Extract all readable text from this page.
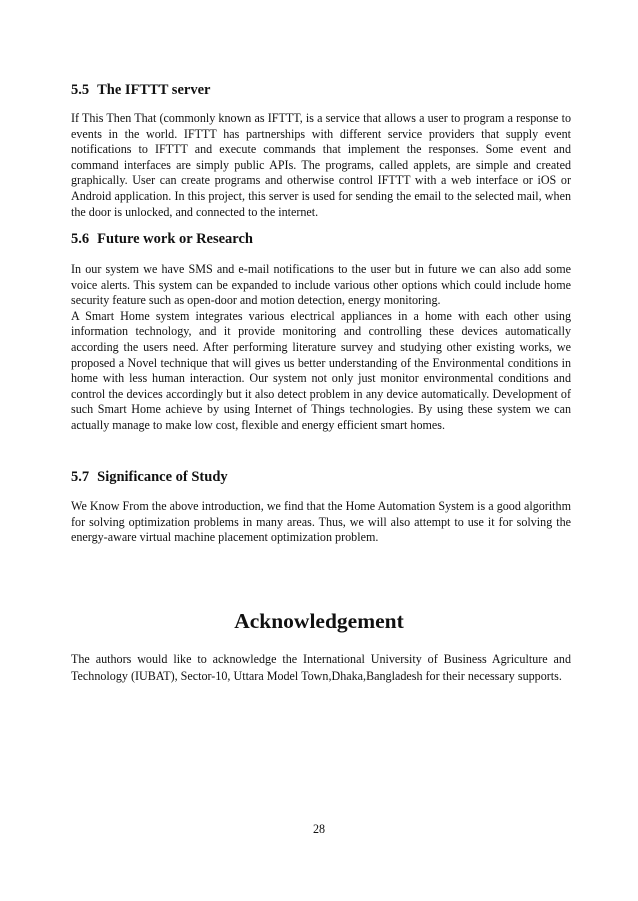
5.5 The IFTTT server

If This Then That (commonly known as IFTTT, is a service that allows a user to program a response to events in the world. IFTTT has partnerships with different service providers that supply event notifications to IFTTT and execute commands that implement the responses. Some event and command interfaces are simply public APIs. The programs, called applets, are simple and created graphically. User can create programs and otherwise control IFTTT with a web interface or iOS or Android application. In this project, this server is used for sending the email to the selected mail, when the door is unlocked, and connected to the internet.

5.6 Future work or Research

In our system we have SMS and e-mail notifications to the user but in future we can also add some voice alerts. This system can be expanded to include various other options which could include home security feature such as open-door and motion detection, energy monitoring.

A Smart Home system integrates various electrical appliances in a home with each other using information technology, and it provide monitoring and controlling these devices automatically according the users need. After performing literature survey and studying other existing works, we proposed a Novel technique that will gives us better understanding of the Environmental conditions in home with less human interaction. Our system not only just monitor environmental conditions and control the devices accordingly but it also detect problem in any device automatically. Development of such Smart Home achieve by using Internet of Things technologies. By using these system we can actually manage to make low cost, flexible and energy efficient smart homes.

5.7 Significance of Study

We Know From the above introduction, we find that the Home Automation System is a good algorithm for solving optimization problems in many areas. Thus, we will also attempt to use it for solving the energy-aware virtual machine placement optimization problem.

Acknowledgement

The authors would like to acknowledge the International University of Business Agriculture and Technology (IUBAT), Sector-10, Uttara Model Town,Dhaka,Bangladesh for their necessary supports.

28
